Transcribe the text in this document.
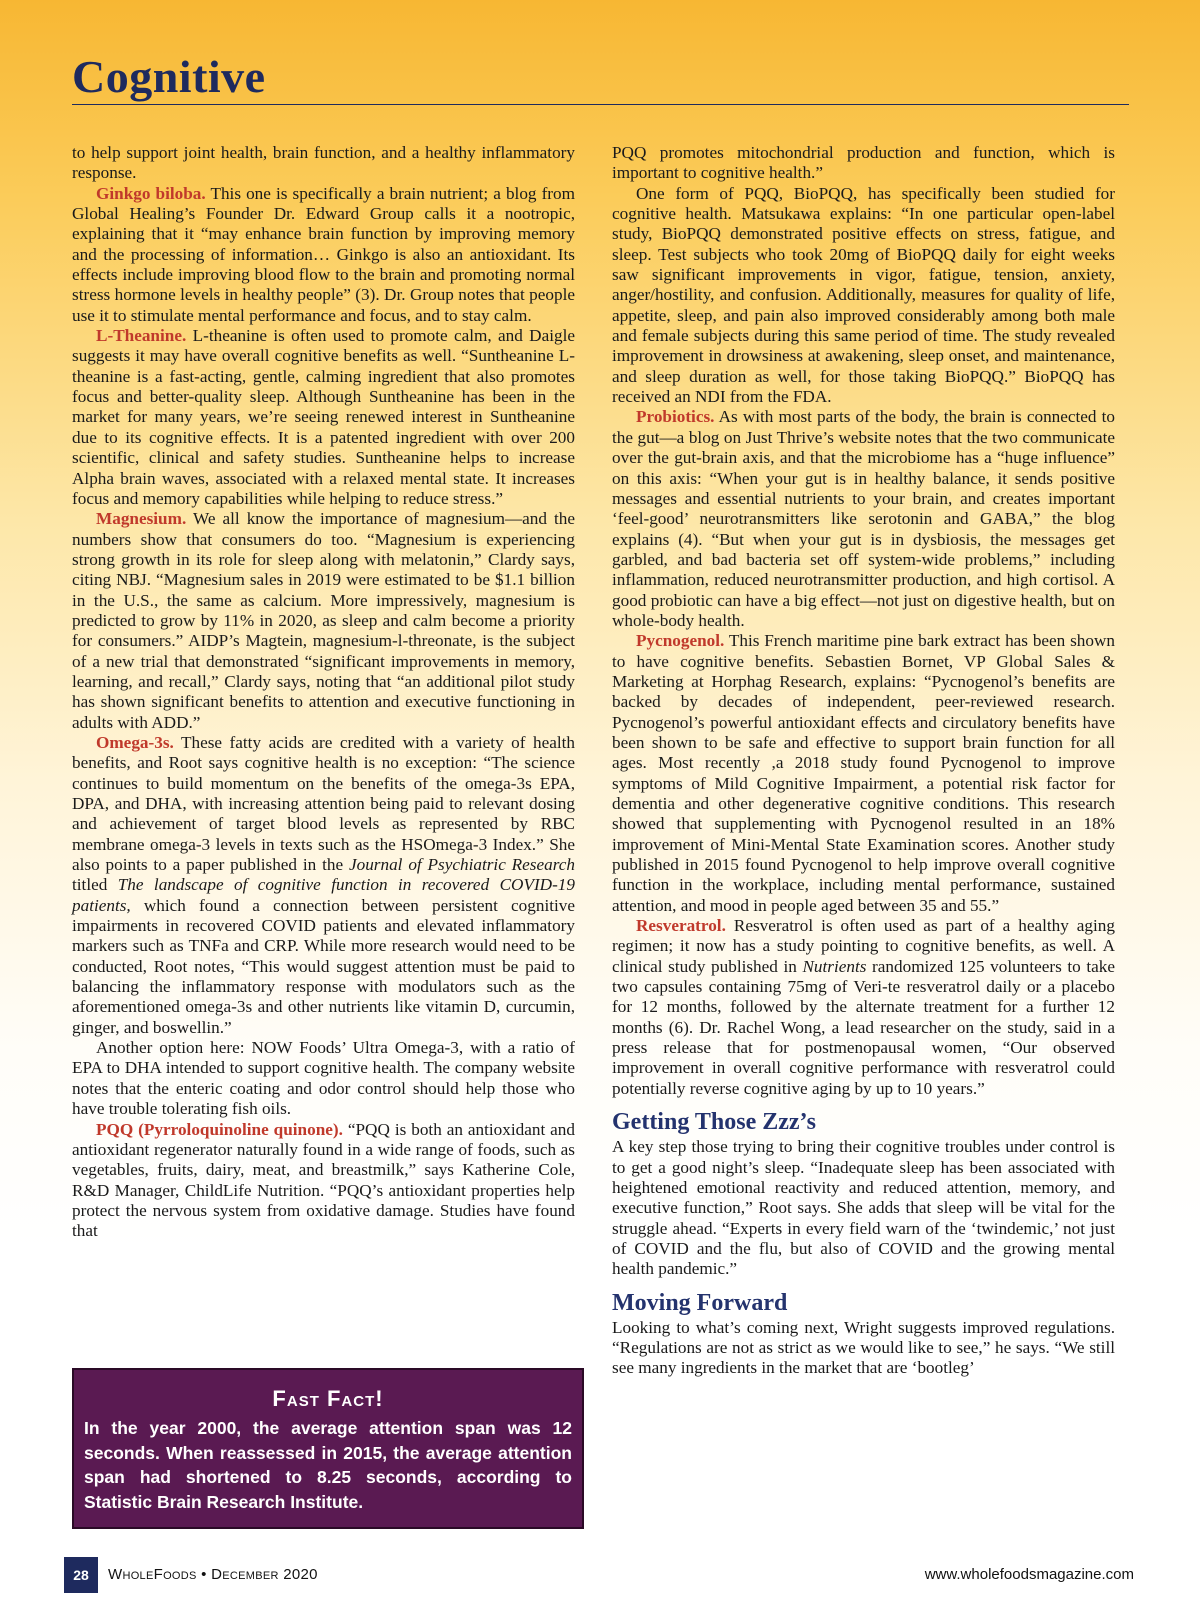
Cognitive

to help support joint health, brain function, and a healthy inflammatory response.

Ginkgo biloba. This one is specifically a brain nutrient; a blog from Global Healing’s Founder Dr. Edward Group calls it a nootropic, explaining that it “may enhance brain function by improving memory and the processing of information… Ginkgo is also an antioxidant. Its effects include improving blood flow to the brain and promoting normal stress hormone levels in healthy people” (3). Dr. Group notes that people use it to stimulate mental performance and focus, and to stay calm.

L-Theanine. L-theanine is often used to promote calm, and Daigle suggests it may have overall cognitive benefits as well. “Suntheanine L-theanine is a fast-acting, gentle, calming ingredient that also promotes focus and better-quality sleep. Although Suntheanine has been in the market for many years, we’re seeing renewed interest in Suntheanine due to its cognitive effects. It is a patented ingredient with over 200 scientific, clinical and safety studies. Suntheanine helps to increase Alpha brain waves, associated with a relaxed mental state. It increases focus and memory capabilities while helping to reduce stress.”

Magnesium. We all know the importance of magnesium—and the numbers show that consumers do too. “Magnesium is experiencing strong growth in its role for sleep along with melatonin,” Clardy says, citing NBJ. “Magnesium sales in 2019 were estimated to be $1.1 billion in the U.S., the same as calcium. More impressively, magnesium is predicted to grow by 11% in 2020, as sleep and calm become a priority for consumers.” AIDP’s Magtein, magnesium-l-threonate, is the subject of a new trial that demonstrated “significant improvements in memory, learning, and recall,” Clardy says, noting that “an additional pilot study has shown significant benefits to attention and executive functioning in adults with ADD.”

Omega-3s. These fatty acids are credited with a variety of health benefits, and Root says cognitive health is no exception: “The science continues to build momentum on the benefits of the omega-3s EPA, DPA, and DHA, with increasing attention being paid to relevant dosing and achievement of target blood levels as represented by RBC membrane omega-3 levels in texts such as the HSOmega-3 Index.” She also points to a paper published in the Journal of Psychiatric Research titled The landscape of cognitive function in recovered COVID-19 patients, which found a connection between persistent cognitive impairments in recovered COVID patients and elevated inflammatory markers such as TNFa and CRP. While more research would need to be conducted, Root notes, “This would suggest attention must be paid to balancing the inflammatory response with modulators such as the aforementioned omega-3s and other nutrients like vitamin D, curcumin, ginger, and boswellin.”

Another option here: NOW Foods’ Ultra Omega-3, with a ratio of EPA to DHA intended to support cognitive health. The company website notes that the enteric coating and odor control should help those who have trouble tolerating fish oils.

PQQ (Pyrroloquinoline quinone). “PQQ is both an antioxidant and antioxidant regenerator naturally found in a wide range of foods, such as vegetables, fruits, dairy, meat, and breastmilk,” says Katherine Cole, R&D Manager, ChildLife Nutrition. “PQQ’s antioxidant properties help protect the nervous system from oxidative damage. Studies have found that

PQQ promotes mitochondrial production and function, which is important to cognitive health.”

One form of PQQ, BioPQQ, has specifically been studied for cognitive health. Matsukawa explains: “In one particular open-label study, BioPQQ demonstrated positive effects on stress, fatigue, and sleep. Test subjects who took 20mg of BioPQQ daily for eight weeks saw significant improvements in vigor, fatigue, tension, anxiety, anger/hostility, and confusion. Additionally, measures for quality of life, appetite, sleep, and pain also improved considerably among both male and female subjects during this same period of time. The study revealed improvement in drowsiness at awakening, sleep onset, and maintenance, and sleep duration as well, for those taking BioPQQ.” BioPQQ has received an NDI from the FDA.

Probiotics. As with most parts of the body, the brain is connected to the gut—a blog on Just Thrive’s website notes that the two communicate over the gut-brain axis, and that the microbiome has a “huge influence” on this axis: “When your gut is in healthy balance, it sends positive messages and essential nutrients to your brain, and creates important ‘feel-good’ neurotransmitters like serotonin and GABA,” the blog explains (4). “But when your gut is in dysbiosis, the messages get garbled, and bad bacteria set off system-wide problems,” including inflammation, reduced neurotransmitter production, and high cortisol. A good probiotic can have a big effect—not just on digestive health, but on whole-body health.

Pycnogenol. This French maritime pine bark extract has been shown to have cognitive benefits. Sebastien Bornet, VP Global Sales & Marketing at Horphag Research, explains: “Pycnogenol’s benefits are backed by decades of independent, peer-reviewed research. Pycnogenol’s powerful antioxidant effects and circulatory benefits have been shown to be safe and effective to support brain function for all ages. Most recently ,a 2018 study found Pycnogenol to improve symptoms of Mild Cognitive Impairment, a potential risk factor for dementia and other degenerative cognitive conditions. This research showed that supplementing with Pycnogenol resulted in an 18% improvement of Mini-Mental State Examination scores. Another study published in 2015 found Pycnogenol to help improve overall cognitive function in the workplace, including mental performance, sustained attention, and mood in people aged between 35 and 55.”

Resveratrol. Resveratrol is often used as part of a healthy aging regimen; it now has a study pointing to cognitive benefits, as well. A clinical study published in Nutrients randomized 125 volunteers to take two capsules containing 75mg of Veri-te resveratrol daily or a placebo for 12 months, followed by the alternate treatment for a further 12 months (6). Dr. Rachel Wong, a lead researcher on the study, said in a press release that for postmenopausal women, “Our observed improvement in overall cognitive performance with resveratrol could potentially reverse cognitive aging by up to 10 years.”

Getting Those Zzz’s

A key step those trying to bring their cognitive troubles under control is to get a good night’s sleep. “Inadequate sleep has been associated with heightened emotional reactivity and reduced attention, memory, and executive function,” Root says. She adds that sleep will be vital for the struggle ahead. “Experts in every field warn of the ‘twindemic,’ not just of COVID and the flu, but also of COVID and the growing mental health pandemic.”

Moving Forward

Looking to what’s coming next, Wright suggests improved regulations. “Regulations are not as strict as we would like to see,” he says. “We still see many ingredients in the market that are ‘bootleg’

Fast Fact!

In the year 2000, the average attention span was 12 seconds. When reassessed in 2015, the average attention span had shortened to 8.25 seconds, according to Statistic Brain Research Institute.

28	WholeFoods • December 2020	www.wholefoodsmagazine.com
